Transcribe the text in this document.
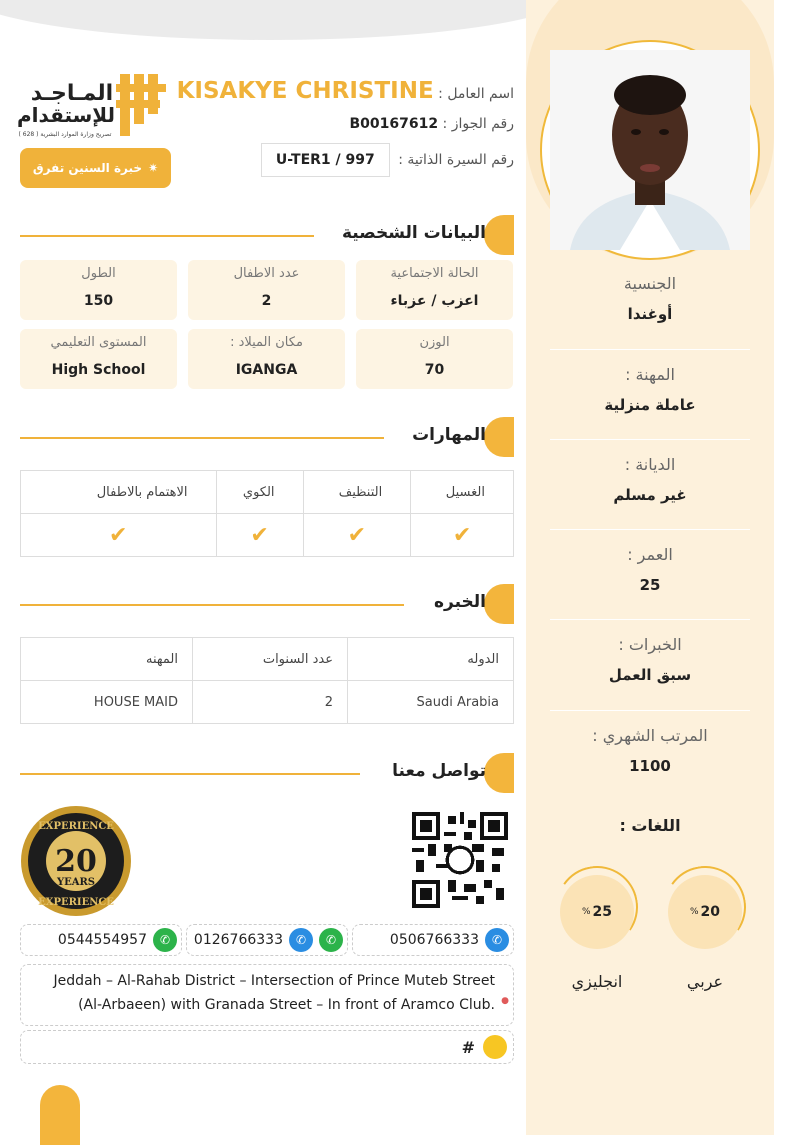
الجنسية
أوغندا
المهنة :
عاملة منزلية
الديانة :
غير مسلم
العمر :
25
الخبرات :
سبق العمل
المرتب الشهري :
1100
اللغات :
% 20
عربي
% 25
انجليزي
المـاجـد
للإستقدام
تصريح وزارة الموارد البشرية ( 628 )
✷
خبرة السنين تفرق
اسم العامل : KISAKYE CHRISTINE
رقم الجواز : B00167612
رقم السيرة الذاتية : U-TER1 / 997
البيانات الشخصية
الحالة الاجتماعية
اعزب / عزباء
عدد الاطفال
2
الطول
150
الوزن
70
مكان الميلاد :
IGANGA
المستوى التعليمي
High School
المهارات
الاهتمام بالاطفال	الكوي	التنظيف	الغسيل
✔	✔	✔	✔
الخبره
المهنه	عدد السنوات	الدوله
HOUSE MAID	2	Saudi Arabia
تواصل معنا
EXPERIENCE
20
YEARS
EXPERIENCE
0506766333	✆
0126766333	✆	✆
0544554957	✆
Jeddah – Al-Rahab District – Intersection of Prince Muteb Street (Al-Arbaeen) with Granada Street – In front of Aramco Club. ●
#
